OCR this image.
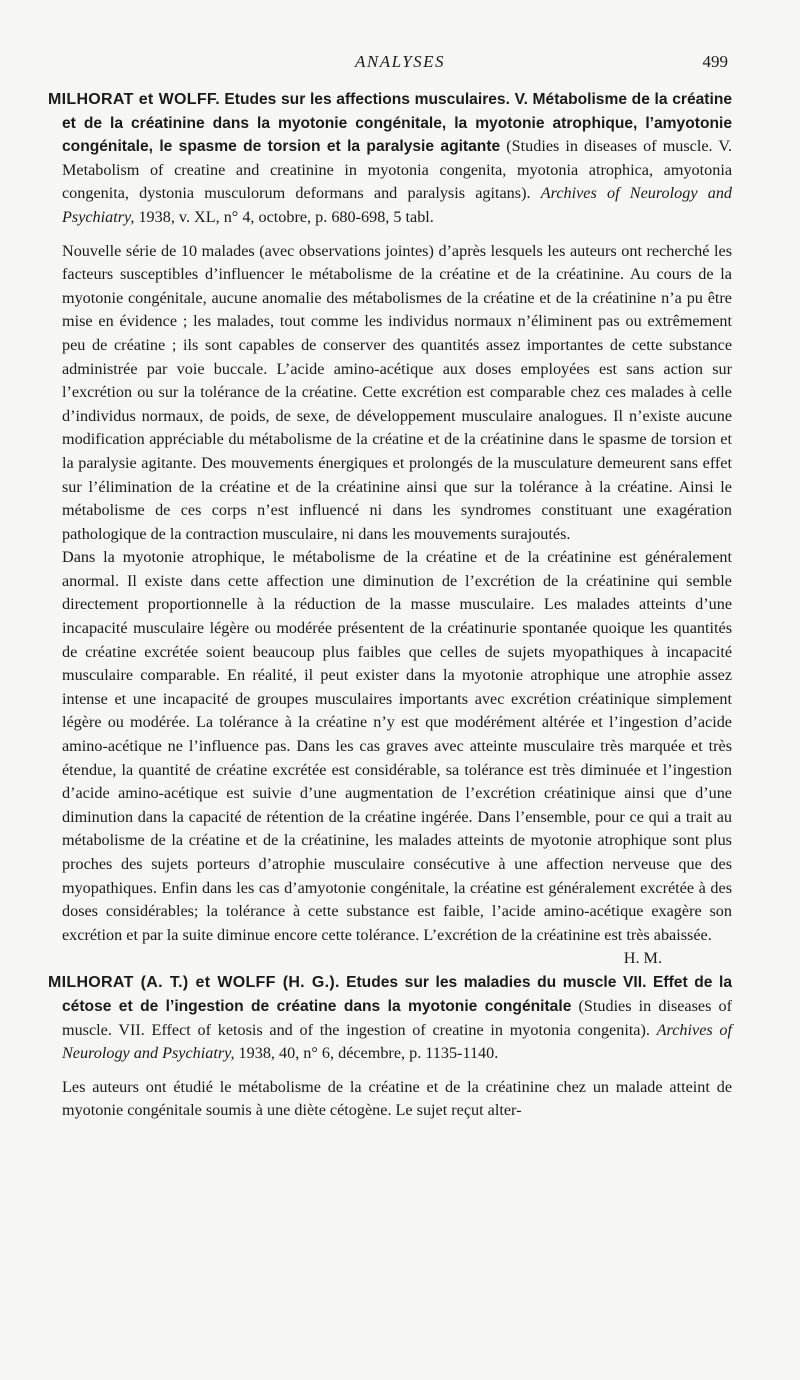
ANALYSES	499

MILHORAT et WOLFF. Etudes sur les affections musculaires. V. Métabolisme de la créatine et de la créatinine dans la myotonie congénitale, la myotonie atrophique, l’amyotonie congénitale, le spasme de torsion et la paralysie agitante (Studies in diseases of muscle. V. Metabolism of creatine and creatinine in myotonia congenita, myotonia atrophica, amyotonia congenita, dystonia musculorum deformans and paralysis agitans). Archives of Neurology and Psychiatry, 1938, v. XL, n° 4, octobre, p. 680-698, 5 tabl.

Nouvelle série de 10 malades (avec observations jointes) d’après lesquels les auteurs ont recherché les facteurs susceptibles d’influencer le métabolisme de la créatine et de la créatinine. Au cours de la myotonie congénitale, aucune anomalie des métabolismes de la créatine et de la créatinine n’a pu être mise en évidence ; les malades, tout comme les individus normaux n’éliminent pas ou extrêmement peu de créatine ; ils sont capables de conserver des quantités assez importantes de cette substance administrée par voie buccale. L’acide amino-acétique aux doses employées est sans action sur l’excrétion ou sur la tolérance de la créatine. Cette excrétion est comparable chez ces malades à celle d’individus normaux, de poids, de sexe, de développement musculaire analogues. Il n’existe aucune modification appréciable du métabolisme de la créatine et de la créatinine dans le spasme de torsion et la paralysie agitante. Des mouvements énergiques et prolongés de la musculature demeurent sans effet sur l’élimination de la créatine et de la créatinine ainsi que sur la tolérance à la créatine. Ainsi le métabolisme de ces corps n’est influencé ni dans les syndromes constituant une exagération pathologique de la contraction musculaire, ni dans les mouvements surajoutés.

Dans la myotonie atrophique, le métabolisme de la créatine et de la créatinine est généralement anormal. Il existe dans cette affection une diminution de l’excrétion de la créatinine qui semble directement proportionnelle à la réduction de la masse musculaire. Les malades atteints d’une incapacité musculaire légère ou modérée présentent de la créatinurie spontanée quoique les quantités de créatine excrétée soient beaucoup plus faibles que celles de sujets myopathiques à incapacité musculaire comparable. En réalité, il peut exister dans la myotonie atrophique une atrophie assez intense et une incapacité de groupes musculaires importants avec excrétion créatinique simplement légère ou modérée. La tolérance à la créatine n’y est que modérément altérée et l’ingestion d’acide amino-acétique ne l’influence pas. Dans les cas graves avec atteinte musculaire très marquée et très étendue, la quantité de créatine excrétée est considérable, sa tolérance est très diminuée et l’ingestion d’acide amino-acétique est suivie d’une augmentation de l’excrétion créatinique ainsi que d’une diminution dans la capacité de rétention de la créatine ingérée. Dans l’ensemble, pour ce qui a trait au métabolisme de la créatine et de la créatinine, les malades atteints de myotonie atrophique sont plus proches des sujets porteurs d’atrophie musculaire consécutive à une affection nerveuse que des myopathiques. Enfin dans les cas d’amyotonie congénitale, la créatine est généralement excrétée à des doses considérables; la tolérance à cette substance est faible, l’acide amino-acétique exagère son excrétion et par la suite diminue encore cette tolérance. L’excrétion de la créatinine est très abaissée.
H. M.

MILHORAT (A. T.) et WOLFF (H. G.). Etudes sur les maladies du muscle VII. Effet de la cétose et de l’ingestion de créatine dans la myotonie congénitale (Studies in diseases of muscle. VII. Effect of ketosis and of the ingestion of creatine in myotonia congenita). Archives of Neurology and Psychiatry, 1938, 40, n° 6, décembre, p. 1135-1140.

Les auteurs ont étudié le métabolisme de la créatine et de la créatinine chez un malade atteint de myotonie congénitale soumis à une diète cétogène. Le sujet reçut alter-
